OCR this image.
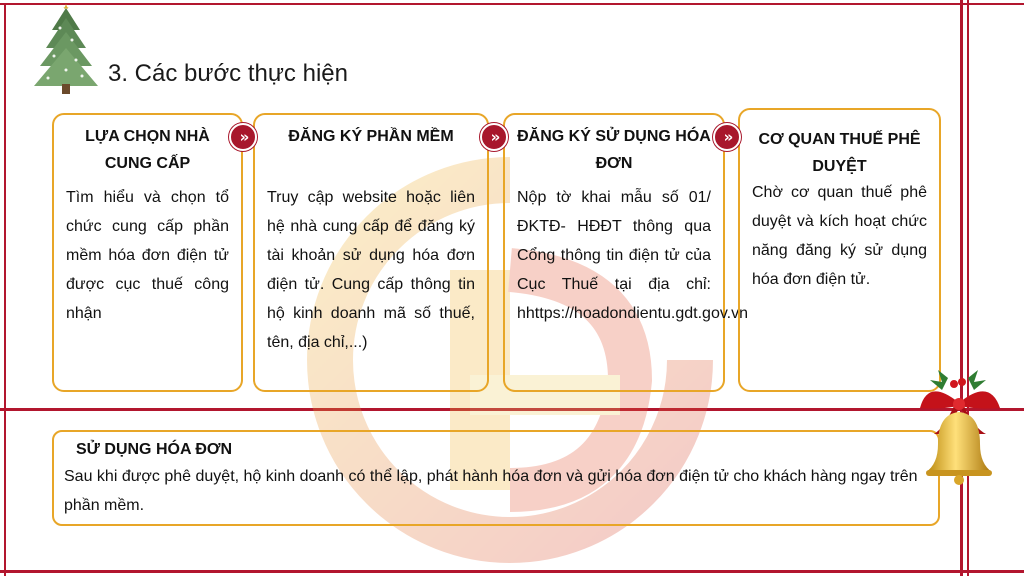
3. Các bước thực hiện
LỰA CHỌN NHÀ CUNG CẤP
Tìm hiểu và chọn tổ chức cung cấp phần mềm hóa đơn điện tử được cục thuế công nhận
ĐĂNG KÝ PHẦN MỀM
Truy cập website hoặc liên hệ nhà cung cấp để đăng ký tài khoản sử dụng hóa đơn điện tử. Cung cấp thông tin hộ kinh doanh mã số thuế, tên, địa chỉ,...)
ĐĂNG KÝ SỬ DỤNG HÓA ĐƠN
Nộp tờ khai mẫu số 01/ ĐKTĐ- HĐĐT thông qua Cổng thông tin điện tử của Cục Thuế tại địa chỉ: hhttps://hoadondientu.gdt.gov.vn
CƠ QUAN THUẾ PHÊ DUYỆT
Chờ cơ quan thuế phê duyệt và kích hoạt chức năng đăng ký sử dụng hóa đơn điện tử.
»	»	»
SỬ DỤNG HÓA ĐƠN
Sau khi được phê duyệt, hộ kinh doanh có thể lập, phát hành hóa đơn và gửi hóa đơn điện tử cho khách hàng ngay trên phần mềm.
